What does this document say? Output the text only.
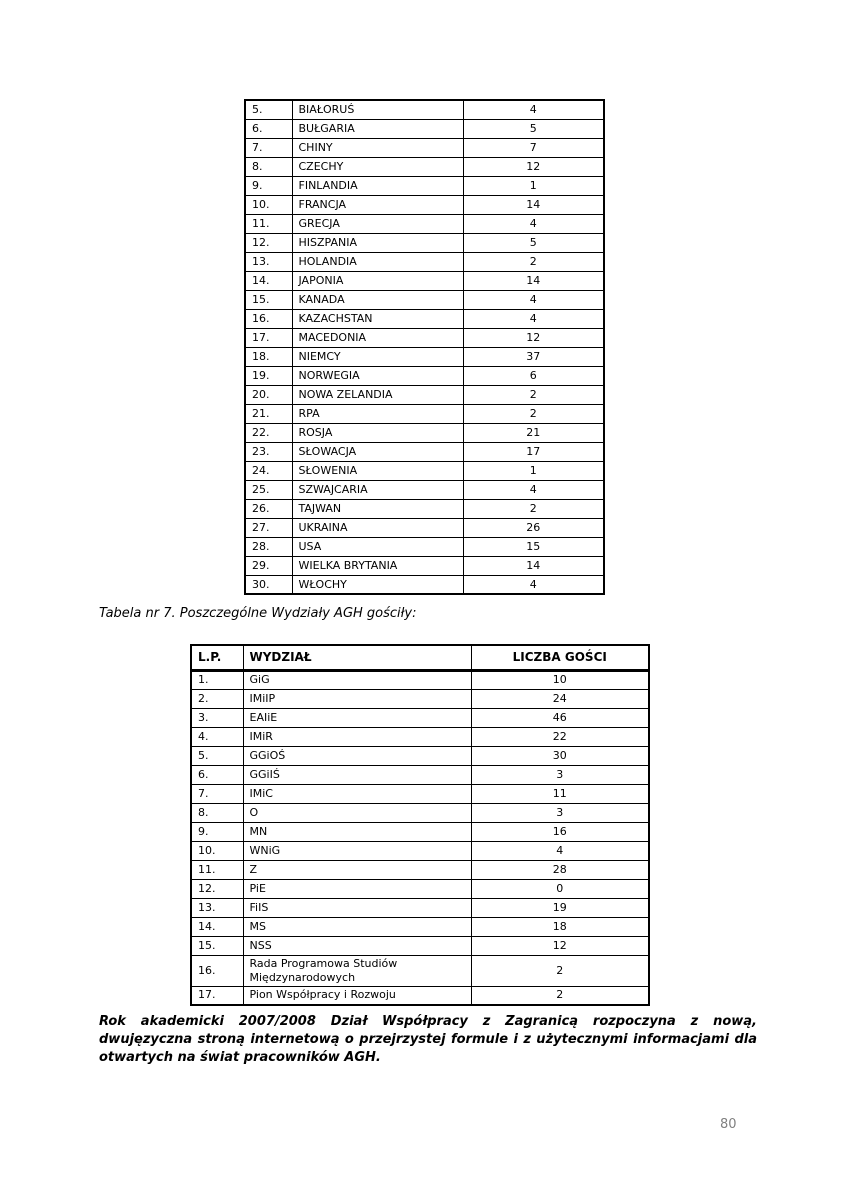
5.	BIAŁORUŚ	4
6.	BUŁGARIA	5
7.	CHINY	7
8.	CZECHY	12
9.	FINLANDIA	1
10.	FRANCJA	14
11.	GRECJA	4
12.	HISZPANIA	5
13.	HOLANDIA	2
14.	JAPONIA	14
15.	KANADA	4
16.	KAZACHSTAN	4
17.	MACEDONIA	12
18.	NIEMCY	37
19.	NORWEGIA	6
20.	NOWA ZELANDIA	2
21.	RPA	2
22.	ROSJA	21
23.	SŁOWACJA	17
24.	SŁOWENIA	1
25.	SZWAJCARIA	4
26.	TAJWAN	2
27.	UKRAINA	26
28.	USA	15
29.	WIELKA BRYTANIA	14
30.	WŁOCHY	4

Tabela nr 7. Poszczególne Wydziały AGH gościły:

L.P.	WYDZIAŁ	LICZBA GOŚCI
1.	GiG	10
2.	IMiIP	24
3.	EAIiE	46
4.	IMiR	22
5.	GGiOŚ	30
6.	GGiIŚ	3
7.	IMiC	11
8.	O	3
9.	MN	16
10.	WNiG	4
11.	Z	28
12.	PiE	0
13.	FiIS	19
14.	MS	18
15.	NSS	12
16.	Rada Programowa Studiów Międzynarodowych	2
17.	Pion Współpracy i Rozwoju	2

Rok akademicki 2007/2008 Dział Współpracy z Zagranicą rozpoczyna z nową, dwujęzyczna stroną internetową o przejrzystej formule i z użytecznymi informacjami dla otwartych na świat pracowników AGH.

80
